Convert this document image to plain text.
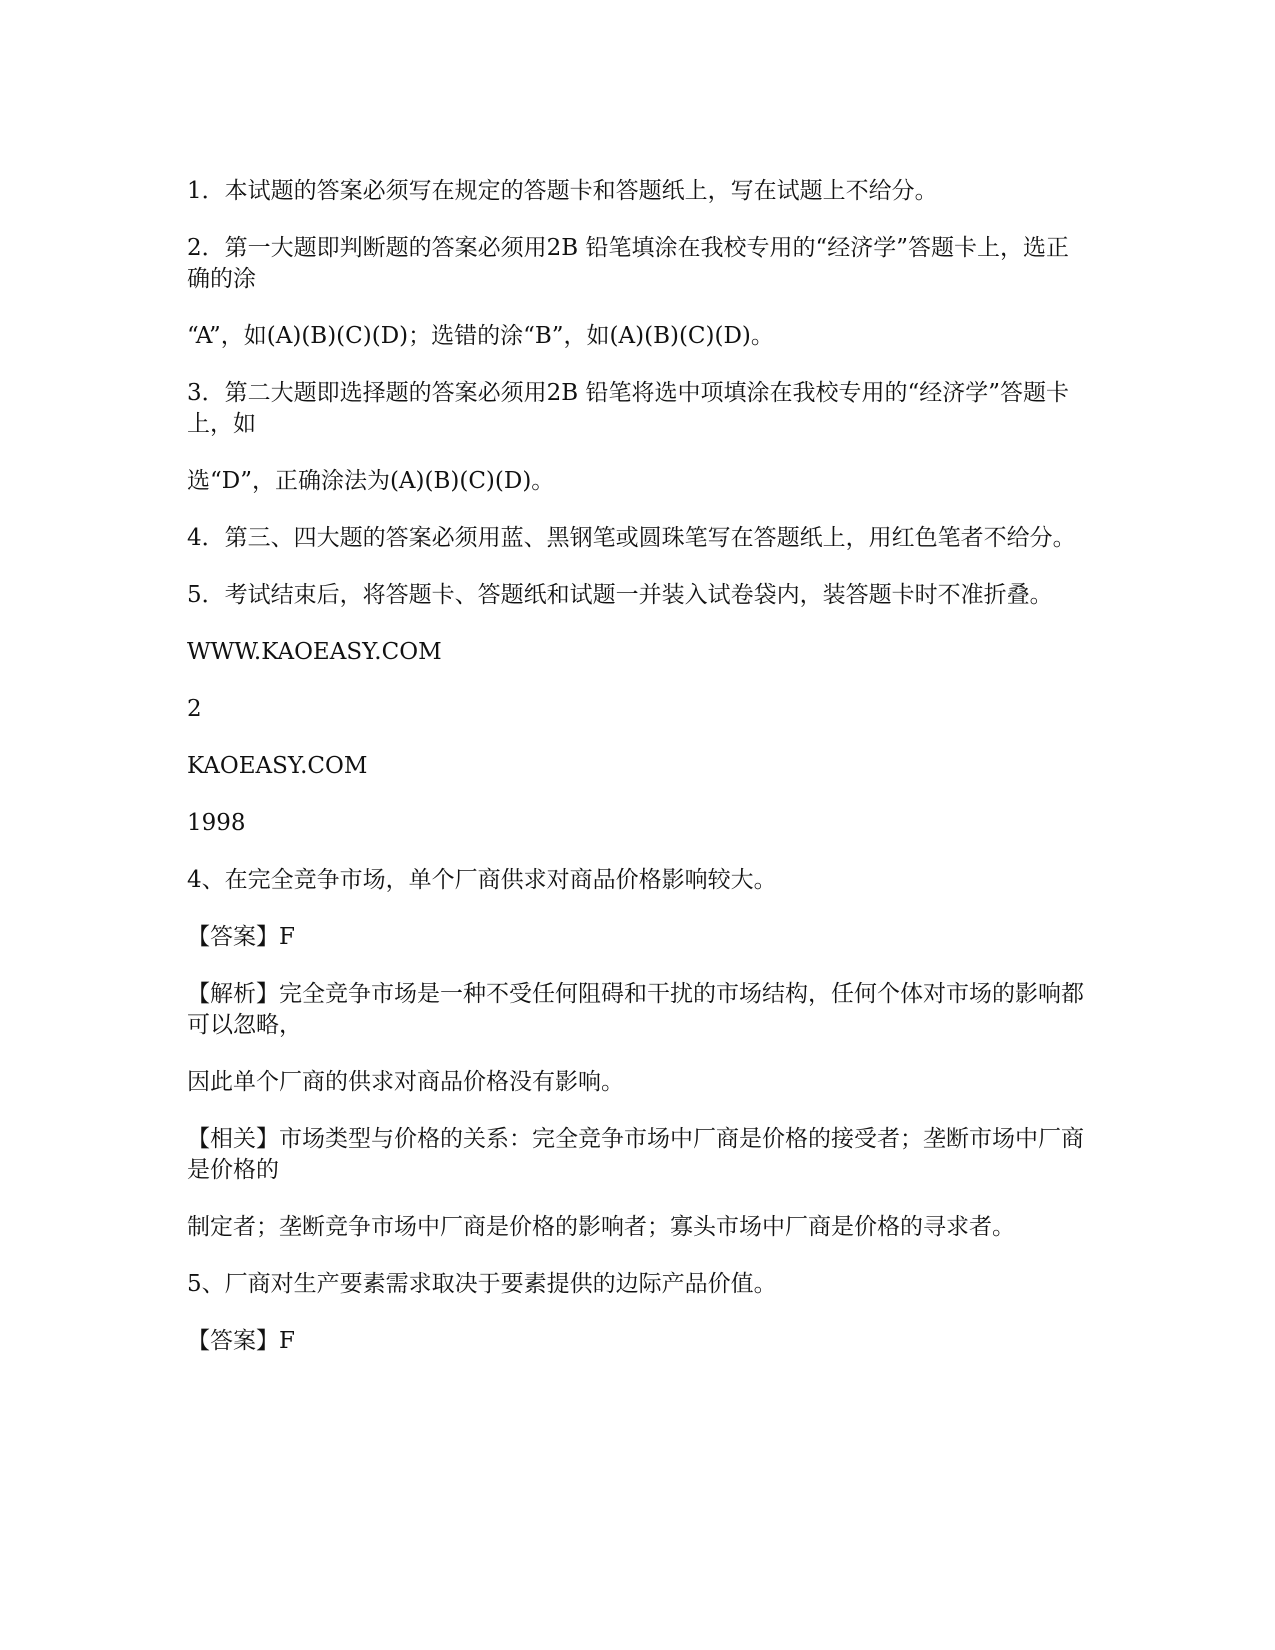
1．本试题的答案必须写在规定的答题卡和答题纸上，写在试题上不给分。

2．第一大题即判断题的答案必须用2B 铅笔填涂在我校专用的“经济学”答题卡上，选正确的涂

“A”，如(A)(B)(C)(D)；选错的涂“B”，如(A)(B)(C)(D)。

3．第二大题即选择题的答案必须用2B 铅笔将选中项填涂在我校专用的“经济学”答题卡上，如

选“D”，正确涂法为(A)(B)(C)(D)。

4．第三、四大题的答案必须用蓝、黑钢笔或圆珠笔写在答题纸上，用红色笔者不给分。

5．考试结束后，将答题卡、答题纸和试题一并装入试卷袋内，装答题卡时不准折叠。

WWW.KAOEASY.COM

2

KAOEASY.COM

1998

4、在完全竞争市场，单个厂商供求对商品价格影响较大。

【答案】F

【解析】完全竞争市场是一种不受任何阻碍和干扰的市场结构，任何个体对市场的影响都可以忽略，

因此单个厂商的供求对商品价格没有影响。

【相关】市场类型与价格的关系：完全竞争市场中厂商是价格的接受者；垄断市场中厂商是价格的

制定者；垄断竞争市场中厂商是价格的影响者；寡头市场中厂商是价格的寻求者。

5、厂商对生产要素需求取决于要素提供的边际产品价值。

【答案】F
